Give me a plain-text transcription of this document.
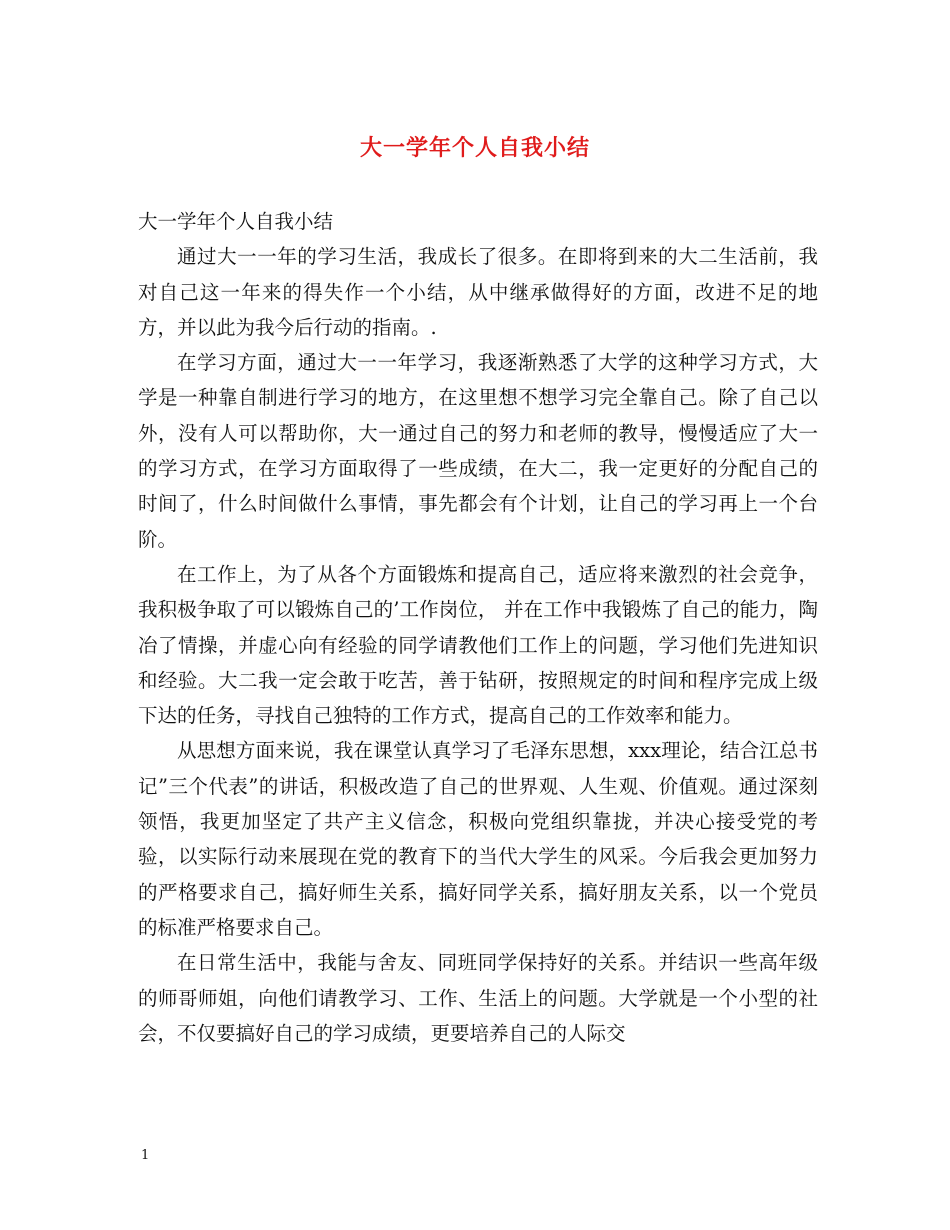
大一学年个人自我小结

大一学年个人自我小结

通过大一一年的学习生活，我成长了很多。在即将到来的大二生活前，我对自己这一年来的得失作一个小结，从中继承做得好的方面，改进不足的地方，并以此为我今后行动的指南。.

在学习方面，通过大一一年学习，我逐渐熟悉了大学的这种学习方式，大学是一种靠自制进行学习的地方，在这里想不想学习完全靠自己。除了自己以外，没有人可以帮助你，大一通过自己的努力和老师的教导，慢慢适应了大一的学习方式，在学习方面取得了一些成绩，在大二，我一定更好的分配自己的时间了，什么时间做什么事情，事先都会有个计划，让自己的学习再上一个台阶。

在工作上，为了从各个方面锻炼和提高自己，适应将来激烈的社会竞争，我积极争取了可以锻炼自己的’工作岗位， 并在工作中我锻炼了自己的能力，陶冶了情操，并虚心向有经验的同学请教他们工作上的问题，学习他们先进知识和经验。大二我一定会敢于吃苦，善于钻研，按照规定的时间和程序完成上级下达的任务，寻找自己独特的工作方式，提高自己的工作效率和能力。

从思想方面来说，我在课堂认真学习了毛泽东思想，xxx理论，结合江总书记”三个代表”的讲话，积极改造了自己的世界观、人生观、价值观。通过深刻领悟，我更加坚定了共产主义信念，积极向党组织靠拢，并决心接受党的考验，以实际行动来展现在党的教育下的当代大学生的风采。今后我会更加努力的严格要求自己，搞好师生关系，搞好同学关系，搞好朋友关系，以一个党员的标准严格要求自己。

在日常生活中，我能与舍友、同班同学保持好的关系。并结识一些高年级的师哥师姐，向他们请教学习、工作、生活上的问题。大学就是一个小型的社会，不仅要搞好自己的学习成绩，更要培养自己的人际交

1
